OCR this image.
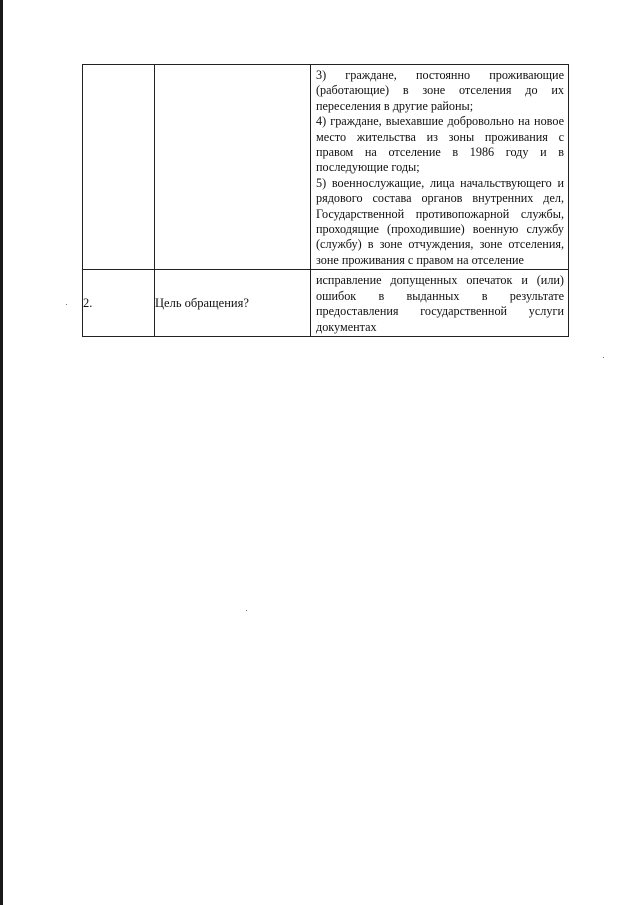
		3) граждане, постоянно проживающие (работающие) в зоне отселения до их переселения в другие районы;

4) граждане, выехавшие добровольно на новое место жительства из зоны проживания с правом на отселение в 1986 году и в последующие годы;

5) военнослужащие, лица начальствующего и рядового состава органов внутренних дел, Государственной противопожарной службы, проходящие (проходившие) военную службу (службу) в зоне отчуждения, зоне отселения, зоне проживания с правом на отселение

2.	Цель обращения?	исправление допущенных опечаток и (или) ошибок в выданных в результате предоставления государственной услуги документах
